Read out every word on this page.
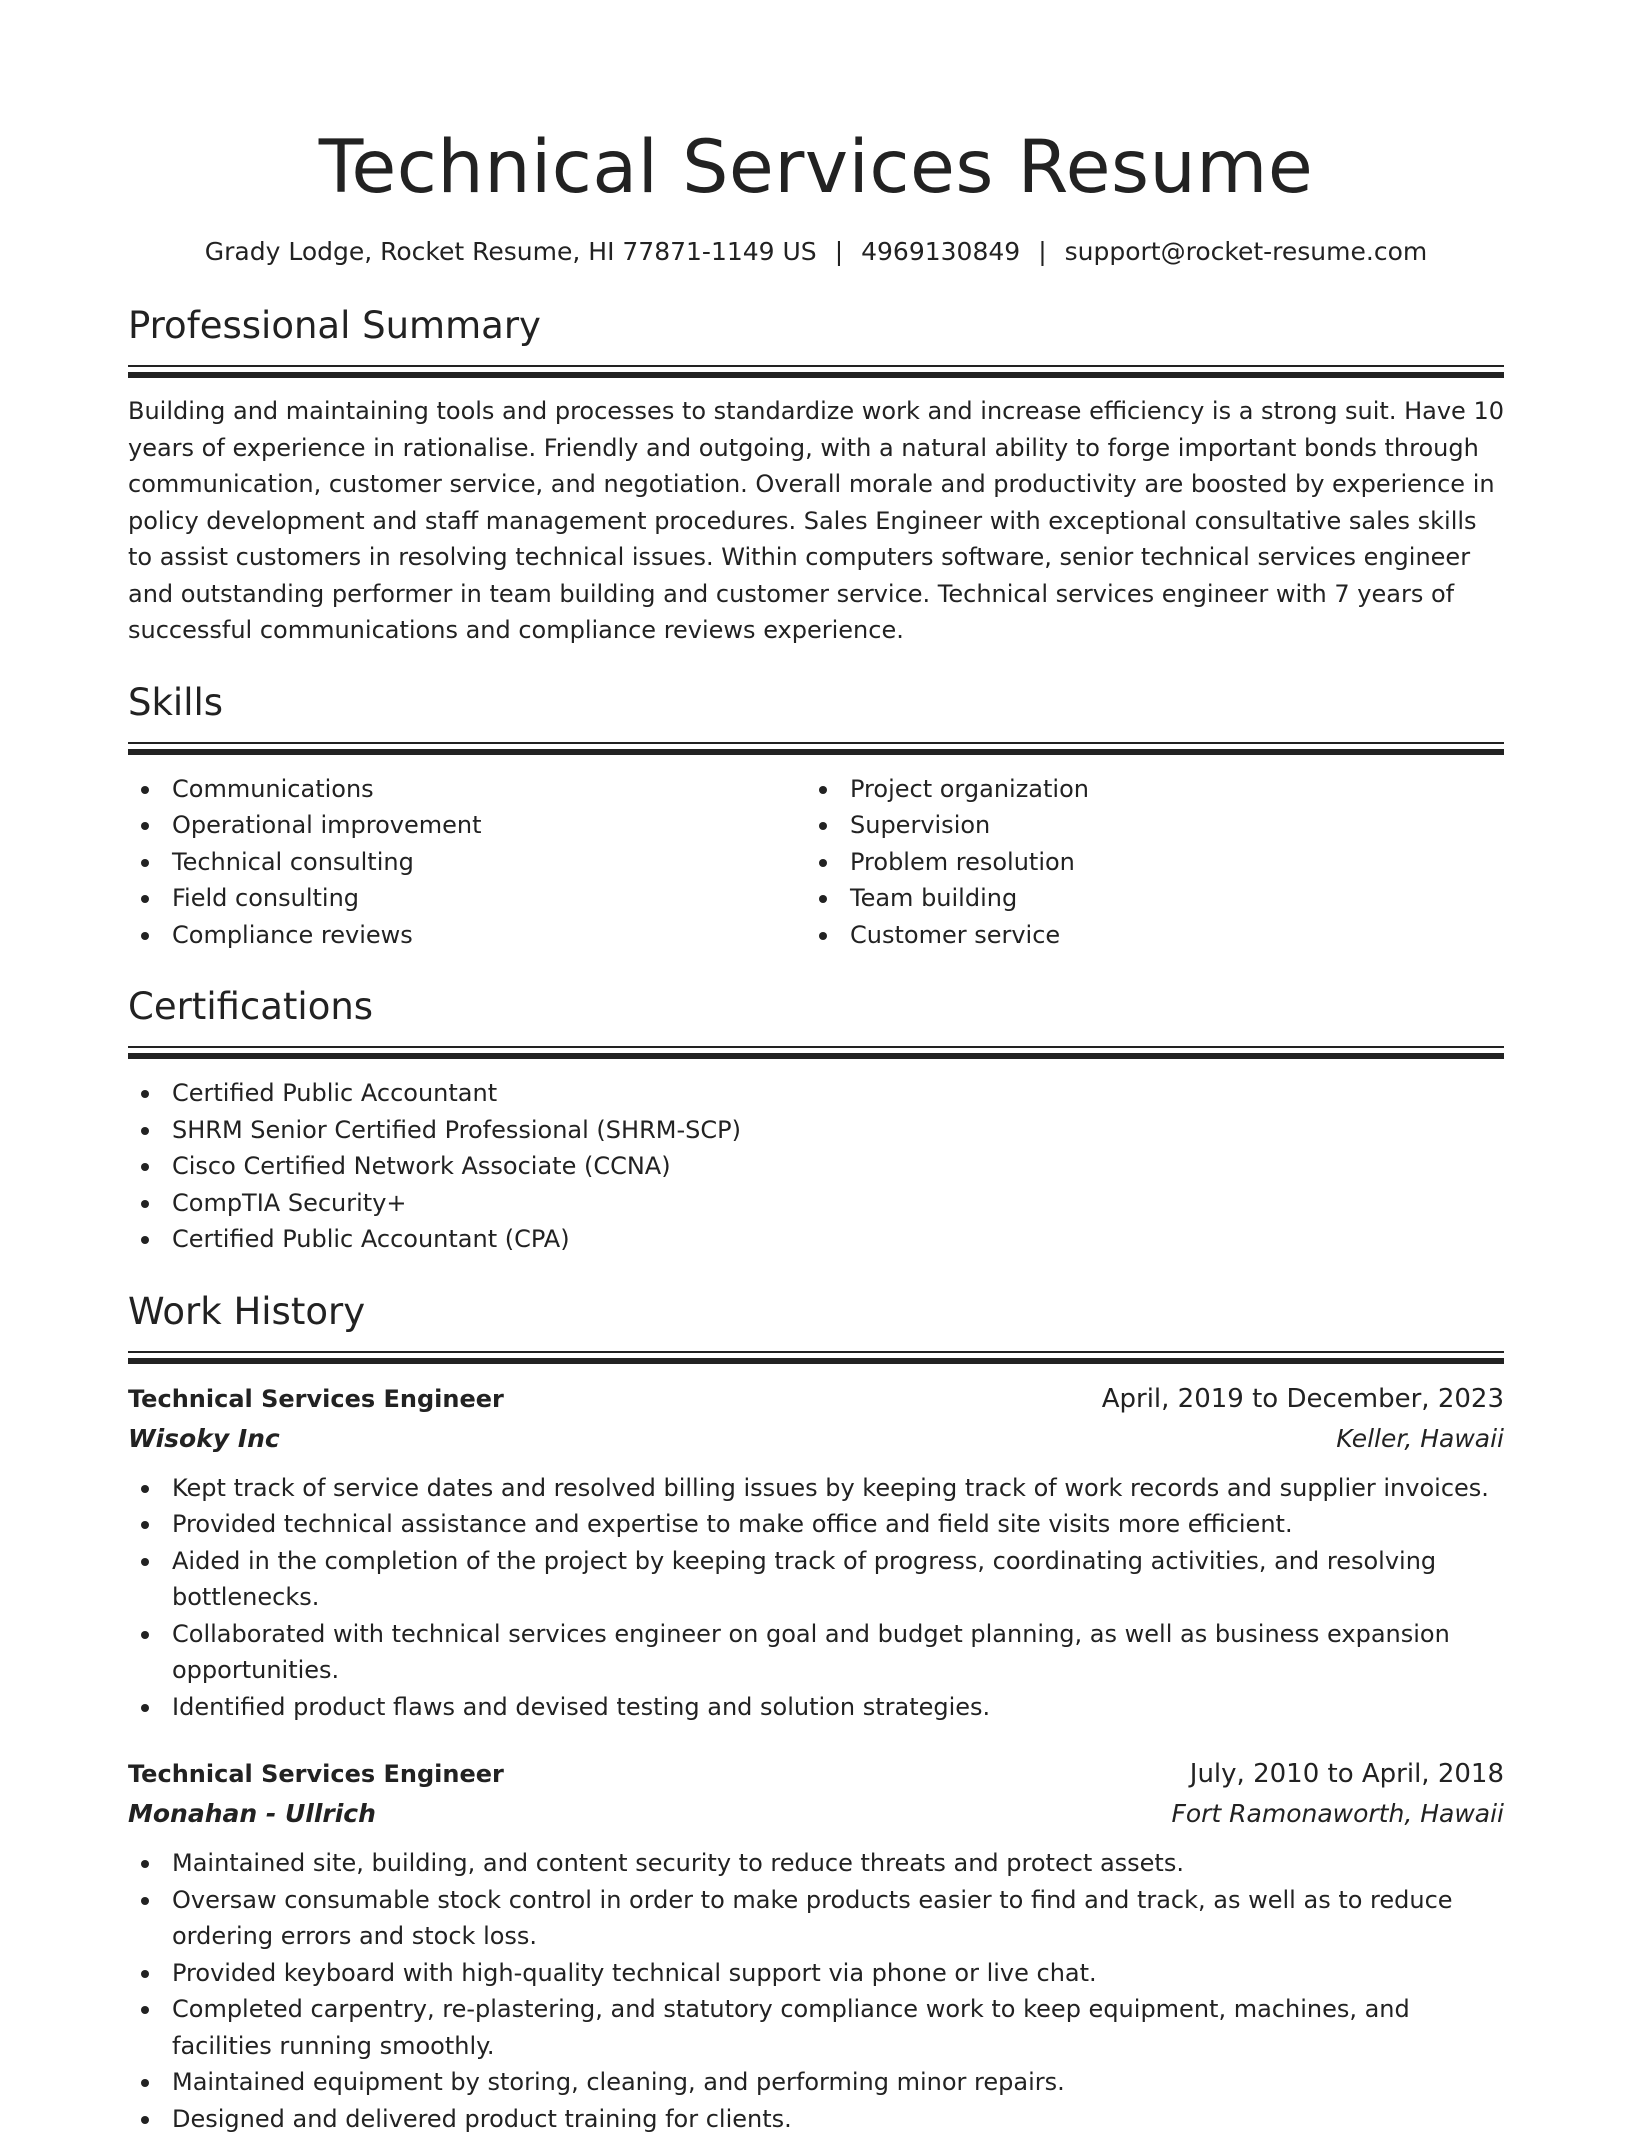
Technical Services Resume
Grady Lodge, Rocket Resume, HI 77871-1149 US | 4969130849 | support@rocket-resume.com
Professional Summary

Building and maintaining tools and processes to standardize work and increase efficiency is a strong suit. Have 10 years of experience in rationalise. Friendly and outgoing, with a natural ability to forge important bonds through communication, customer service, and negotiation. Overall morale and productivity are boosted by experience in policy development and staff management procedures. Sales Engineer with exceptional consultative sales skills to assist customers in resolving technical issues. Within computers software, senior technical services engineer and outstanding performer in team building and customer service. Technical services engineer with 7 years of successful communications and compliance reviews experience.

Skills
Communications
Operational improvement
Technical consulting
Field consulting
Compliance reviews
Project organization
Supervision
Problem resolution
Team building
Customer service
Certifications
Certified Public Accountant
SHRM Senior Certified Professional (SHRM-SCP)
Cisco Certified Network Associate (CCNA)
CompTIA Security+
Certified Public Accountant (CPA)
Work History
Technical Services Engineer	April, 2019 to December, 2023
Wisoky Inc	Keller, Hawaii
Kept track of service dates and resolved billing issues by keeping track of work records and supplier invoices.
Provided technical assistance and expertise to make office and field site visits more efficient.
Aided in the completion of the project by keeping track of progress, coordinating activities, and resolving bottlenecks.
Collaborated with technical services engineer on goal and budget planning, as well as business expansion opportunities.
Identified product flaws and devised testing and solution strategies.
Technical Services Engineer	July, 2010 to April, 2018
Monahan - Ullrich	Fort Ramonaworth, Hawaii
Maintained site, building, and content security to reduce threats and protect assets.
Oversaw consumable stock control in order to make products easier to find and track, as well as to reduce ordering errors and stock loss.
Provided keyboard with high-quality technical support via phone or live chat.
Completed carpentry, re-plastering, and statutory compliance work to keep equipment, machines, and facilities running smoothly.
Maintained equipment by storing, cleaning, and performing minor repairs.
Designed and delivered product training for clients.
